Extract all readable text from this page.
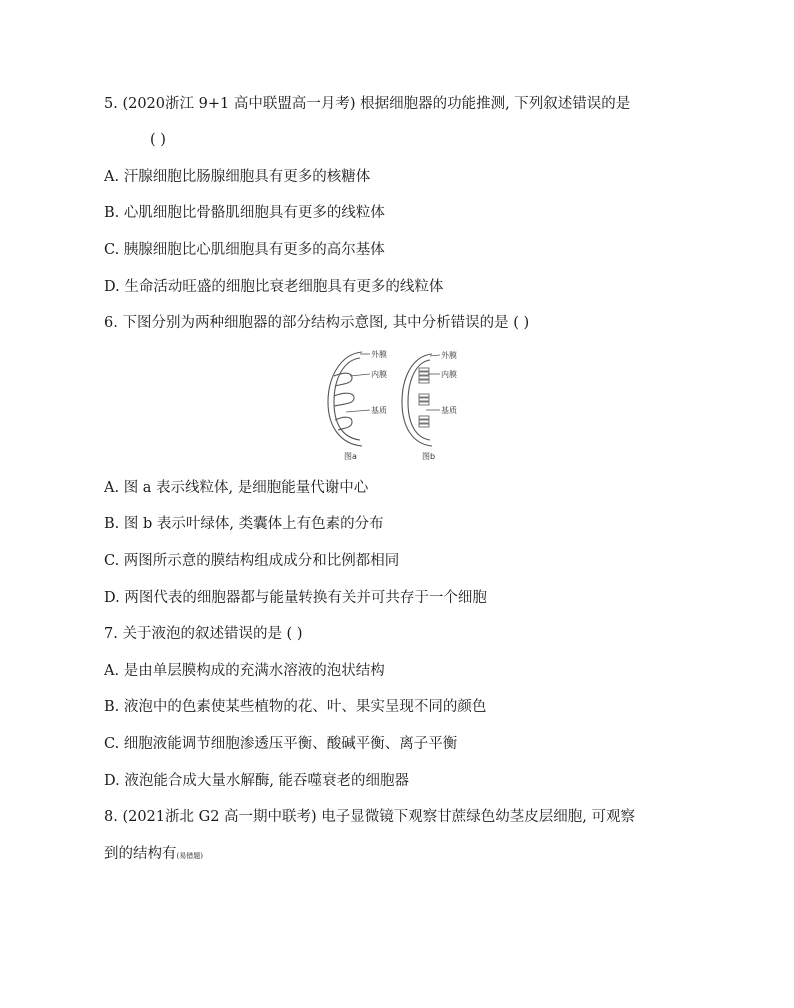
5. (2020浙江 9+1 高中联盟高一月考) 根据细胞器的功能推测, 下列叙述错误的是
( )
A. 汗腺细胞比肠腺细胞具有更多的核糖体
B. 心肌细胞比骨骼肌细胞具有更多的线粒体
C. 胰腺细胞比心肌细胞具有更多的高尔基体
D. 生命活动旺盛的细胞比衰老细胞具有更多的线粒体
6. 下图分别为两种细胞器的部分结构示意图, 其中分析错误的是 ( )
外膜
内膜
基质
图a
外膜
内膜
基质
图b
A. 图 a 表示线粒体, 是细胞能量代谢中心
B. 图 b 表示叶绿体, 类囊体上有色素的分布
C. 两图所示意的膜结构组成成分和比例都相同
D. 两图代表的细胞器都与能量转换有关并可共存于一个细胞
7. 关于液泡的叙述错误的是 ( )
A. 是由单层膜构成的充满水溶液的泡状结构
B. 液泡中的色素使某些植物的花、叶、果实呈现不同的颜色
C. 细胞液能调节细胞渗透压平衡、酸碱平衡、离子平衡
D. 液泡能合成大量水解酶, 能吞噬衰老的细胞器
8. (2021浙北 G2 高一期中联考) 电子显微镜下观察甘蔗绿色幼茎皮层细胞, 可观察
到的结构有(易错题)
